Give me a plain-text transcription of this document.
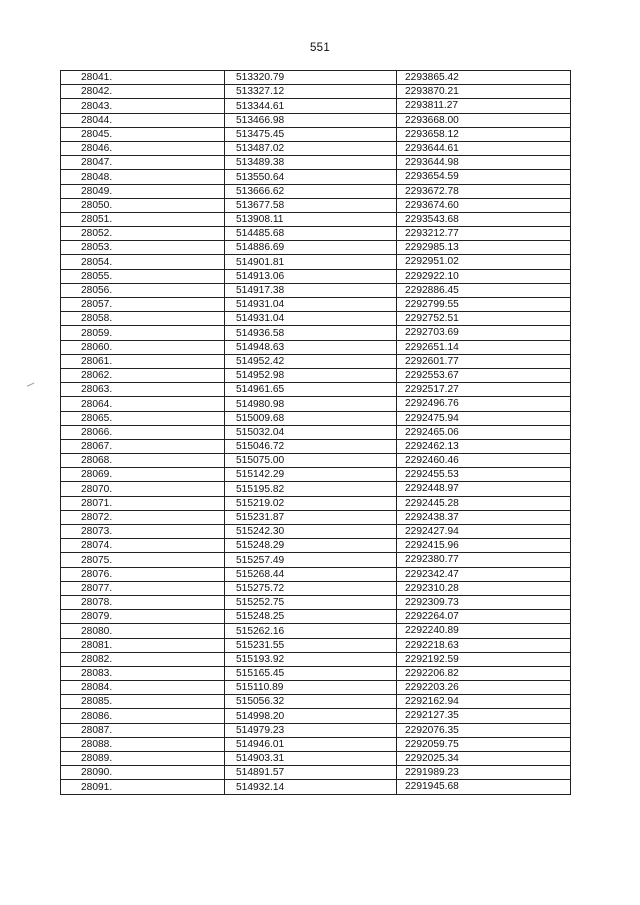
551
28041.	513320.79	2293865.42
28042.	513327.12	2293870.21
28043.	513344.61	2293811.27
28044.	513466.98	2293668.00
28045.	513475.45	2293658.12
28046.	513487.02	2293644.61
28047.	513489.38	2293644.98
28048.	513550.64	2293654.59
28049.	513666.62	2293672.78
28050.	513677.58	2293674.60
28051.	513908.11	2293543.68
28052.	514485.68	2293212.77
28053.	514886.69	2292985.13
28054.	514901.81	2292951.02
28055.	514913.06	2292922.10
28056.	514917.38	2292886.45
28057.	514931.04	2292799.55
28058.	514931.04	2292752.51
28059.	514936.58	2292703.69
28060.	514948.63	2292651.14
28061.	514952.42	2292601.77
28062.	514952.98	2292553.67
28063.	514961.65	2292517.27
28064.	514980.98	2292496.76
28065.	515009.68	2292475.94
28066.	515032.04	2292465.06
28067.	515046.72	2292462.13
28068.	515075.00	2292460.46
28069.	515142.29	2292455.53
28070.	515195.82	2292448.97
28071.	515219.02	2292445.28
28072.	515231.87	2292438.37
28073.	515242.30	2292427.94
28074.	515248.29	2292415.96
28075.	515257.49	2292380.77
28076.	515268.44	2292342.47
28077.	515275.72	2292310.28
28078.	515252.75	2292309.73
28079.	515248.25	2292264.07
28080.	515262.16	2292240.89
28081.	515231.55	2292218.63
28082.	515193.92	2292192.59
28083.	515165.45	2292206.82
28084.	515110.89	2292203.26
28085.	515056.32	2292162.94
28086.	514998.20	2292127.35
28087.	514979.23	2292076.35
28088.	514946.01	2292059.75
28089.	514903.31	2292025.34
28090.	514891.57	2291989.23
28091.	514932.14	2291945.68
